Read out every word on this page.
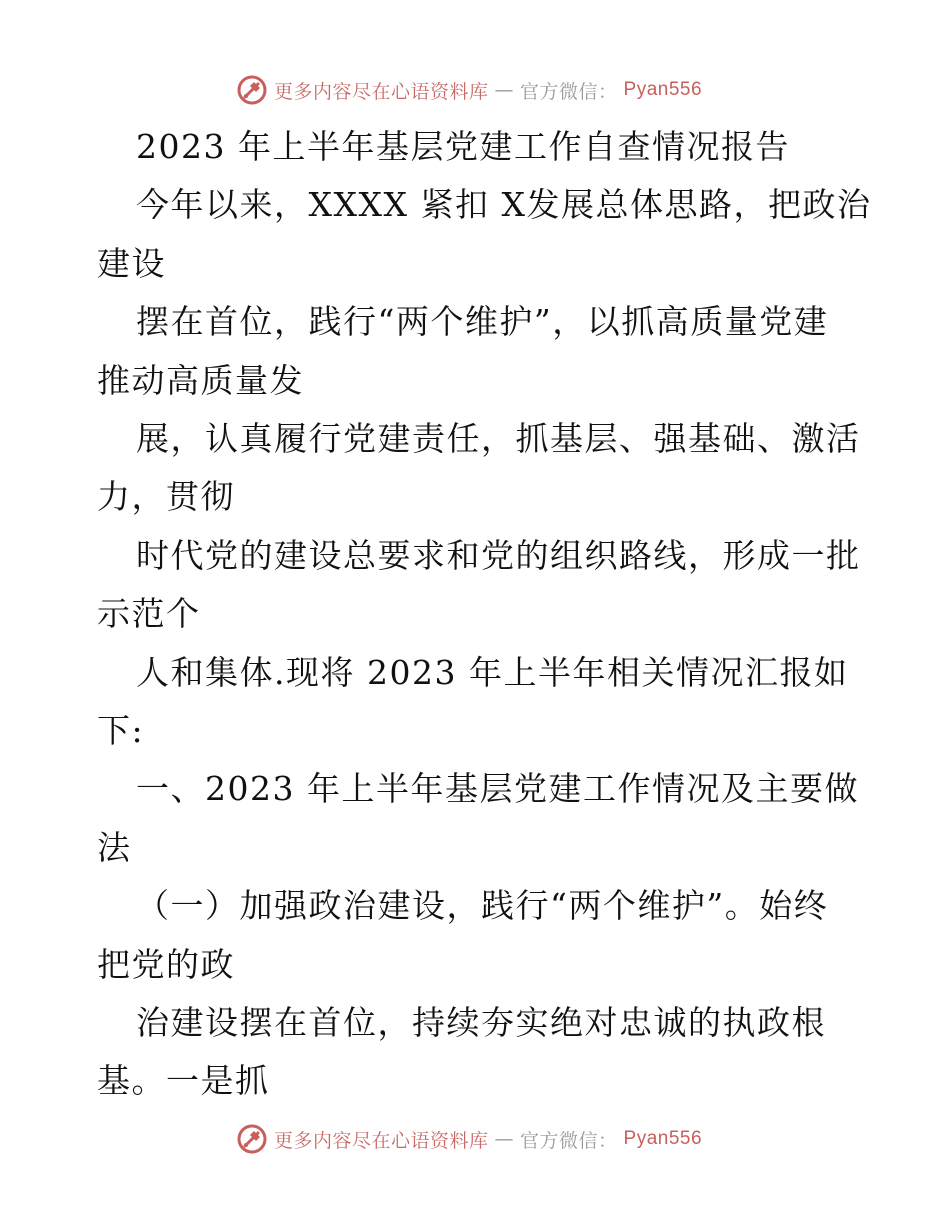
更多内容尽在心语资料库 — 官方微信： Pyan556

2023 年上半年基层党建工作自查情况报告

今年以来，XXXX 紧扣 X发展总体思路，把政治

建设

摆在首位，践行“两个维护”，以抓高质量党建

推动高质量发

展，认真履行党建责任，抓基层、强基础、激活

力，贯彻

时代党的建设总要求和党的组织路线，形成一批

示范个

人和集体.现将 2023 年上半年相关情况汇报如

下:

一、2023 年上半年基层党建工作情况及主要做

法

（一）加强政治建设，践行“两个维护”。始终

把党的政

治建设摆在首位，持续夯实绝对忠诚的执政根

基。一是抓

更多内容尽在心语资料库 — 官方微信： Pyan556
